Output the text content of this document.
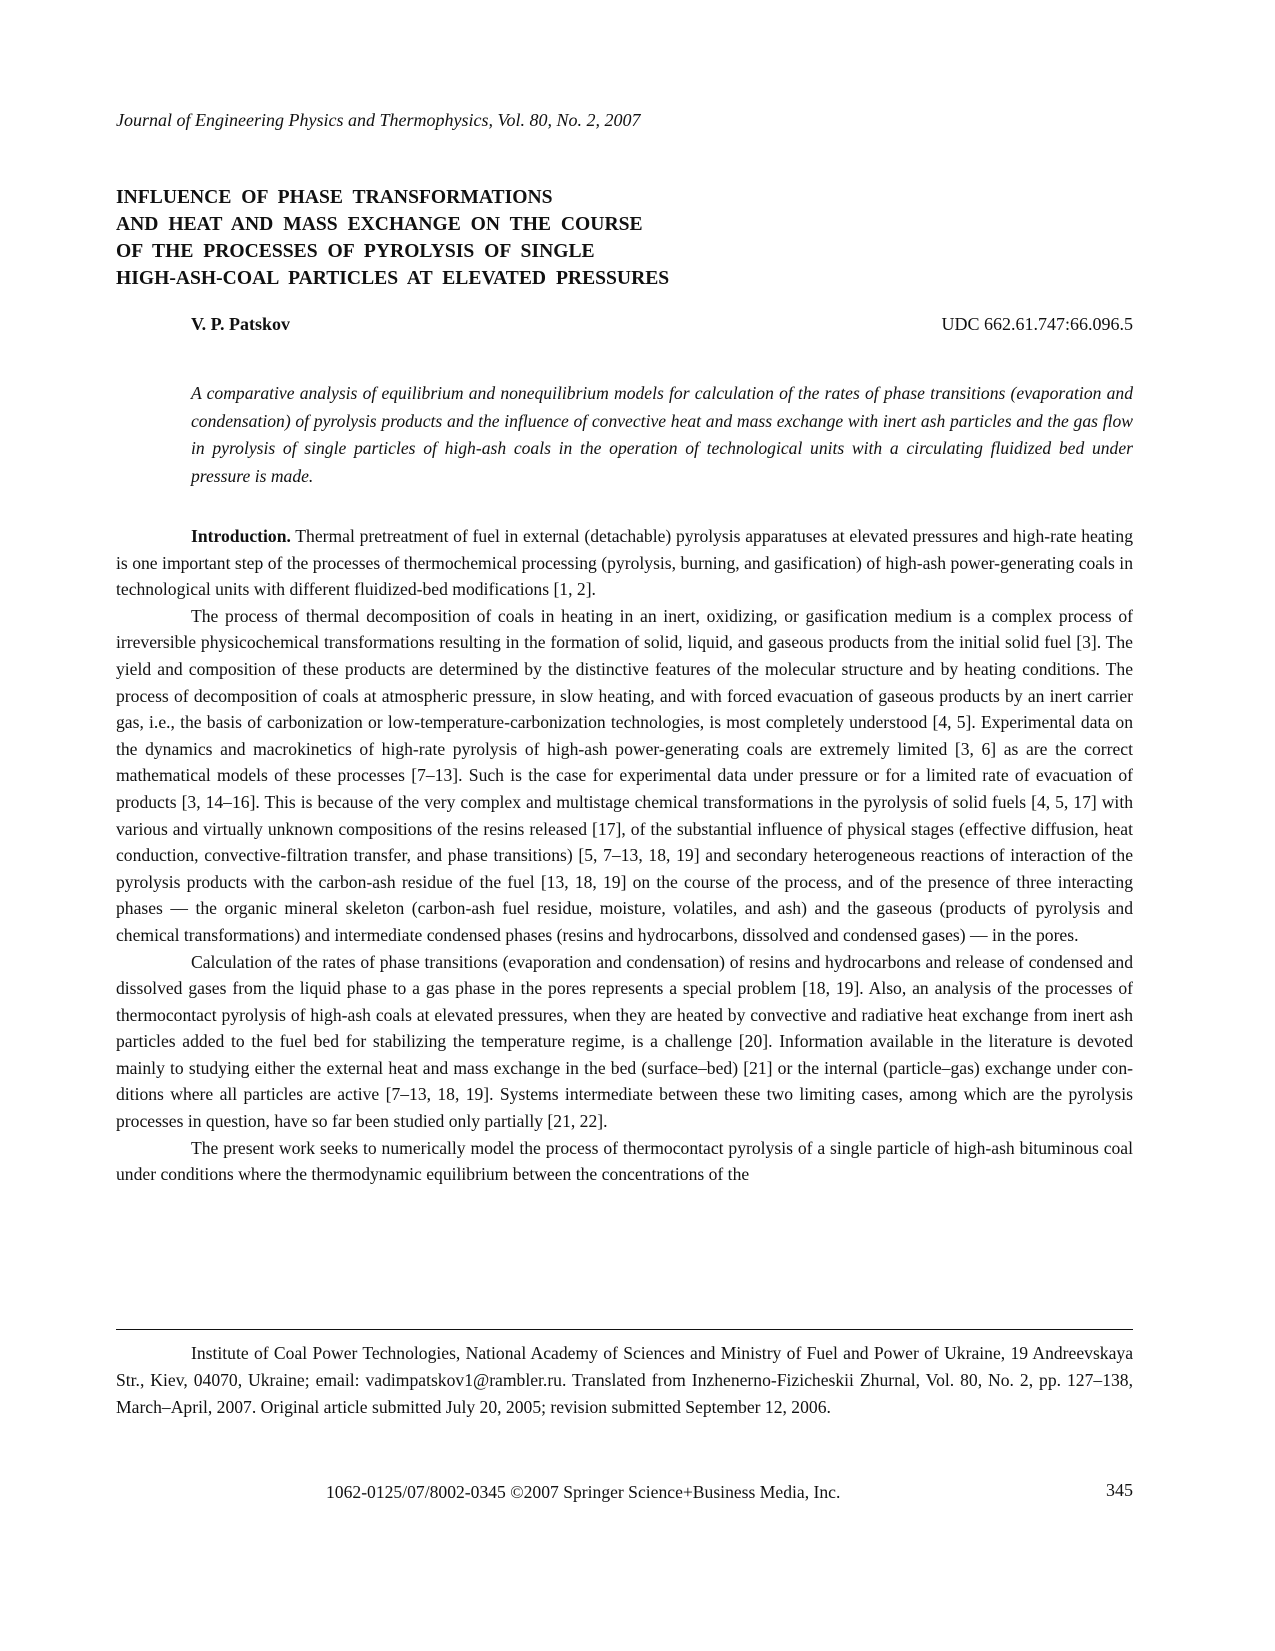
Journal of Engineering Physics and Thermophysics, Vol. 80, No. 2, 2007
INFLUENCE OF PHASE TRANSFORMATIONS
AND HEAT AND MASS EXCHANGE ON THE COURSE
OF THE PROCESSES OF PYROLYSIS OF SINGLE
HIGH-ASH-COAL PARTICLES AT ELEVATED PRESSURES
V. P. Patskov	UDC 662.61.747:66.096.5
A comparative analysis of equilibrium and nonequilibrium models for calculation of the rates of phase transitions (evaporation and condensation) of pyrolysis products and the influence of convective heat and mass exchange with inert ash particles and the gas flow in pyrolysis of single particles of high-ash coals in the operation of technological units with a circulating fluidized bed under pressure is made.

Introduction. Thermal pretreatment of fuel in external (detachable) pyrolysis apparatuses at elevated pressures and high-rate heating is one important step of the processes of thermochemical processing (pyrolysis, burning, and gasification) of high-ash power-generating coals in technological units with different fluidized-bed modifications [1, 2].

The process of thermal decomposition of coals in heating in an inert, oxidizing, or gasification medium is a complex process of irreversible physicochemical transformations resulting in the formation of solid, liquid, and gaseous products from the initial solid fuel [3]. The yield and composition of these products are determined by the distinctive features of the molecular structure and by heating conditions. The process of decomposition of coals at atmospheric pressure, in slow heating, and with forced evacuation of gaseous products by an inert carrier gas, i.e., the basis of carbonization or low-temperature-carbonization technologies, is most completely understood [4, 5]. Experimental data on the dynamics and macrokinetics of high-rate pyrolysis of high-ash power-generating coals are extremely limited [3, 6] as are the correct mathematical models of these processes [7–13]. Such is the case for experimental data under pressure or for a limited rate of evacuation of products [3, 14–16]. This is because of the very complex and multistage chemical transformations in the pyrolysis of solid fuels [4, 5, 17] with various and virtually unknown compositions of the resins released [17], of the substantial influence of physical stages (effective diffusion, heat conduction, convective-filtration transfer, and phase transitions) [5, 7–13, 18, 19] and secondary heterogeneous reactions of interaction of the pyrolysis products with the carbon-ash residue of the fuel [13, 18, 19] on the course of the process, and of the presence of three interacting phases — the organic mineral skeleton (carbon-ash fuel residue, moisture, volatiles, and ash) and the gaseous (products of pyrolysis and chemical transformations) and intermediate condensed phases (resins and hydrocarbons, dissolved and condensed gases) — in the pores.

Calculation of the rates of phase transitions (evaporation and condensation) of resins and hydrocarbons and release of condensed and dissolved gases from the liquid phase to a gas phase in the pores represents a special problem [18, 19]. Also, an analysis of the processes of thermocontact pyrolysis of high-ash coals at elevated pressures, when they are heated by convective and radiative heat exchange from inert ash particles added to the fuel bed for stabilizing the temperature regime, is a challenge [20]. Information available in the literature is devoted mainly to studying either the external heat and mass exchange in the bed (surface–bed) [21] or the internal (particle–gas) exchange under conditions where all particles are active [7–13, 18, 19]. Systems intermediate between these two limiting cases, among which are the pyrolysis processes in question, have so far been studied only partially [21, 22].

The present work seeks to numerically model the process of thermocontact pyrolysis of a single particle of high-ash bituminous coal under conditions where the thermodynamic equilibrium between the concentrations of the

Institute of Coal Power Technologies, National Academy of Sciences and Ministry of Fuel and Power of Ukraine, 19 Andreevskaya Str., Kiev, 04070, Ukraine; email: vadimpatskov1@rambler.ru. Translated from Inzhenerno-Fizicheskii Zhurnal, Vol. 80, No. 2, pp. 127–138, March–April, 2007. Original article submitted July 20, 2005; revision submitted September 12, 2006.

1062-0125/07/8002-0345 ©2007 Springer Science+Business Media, Inc.	345
